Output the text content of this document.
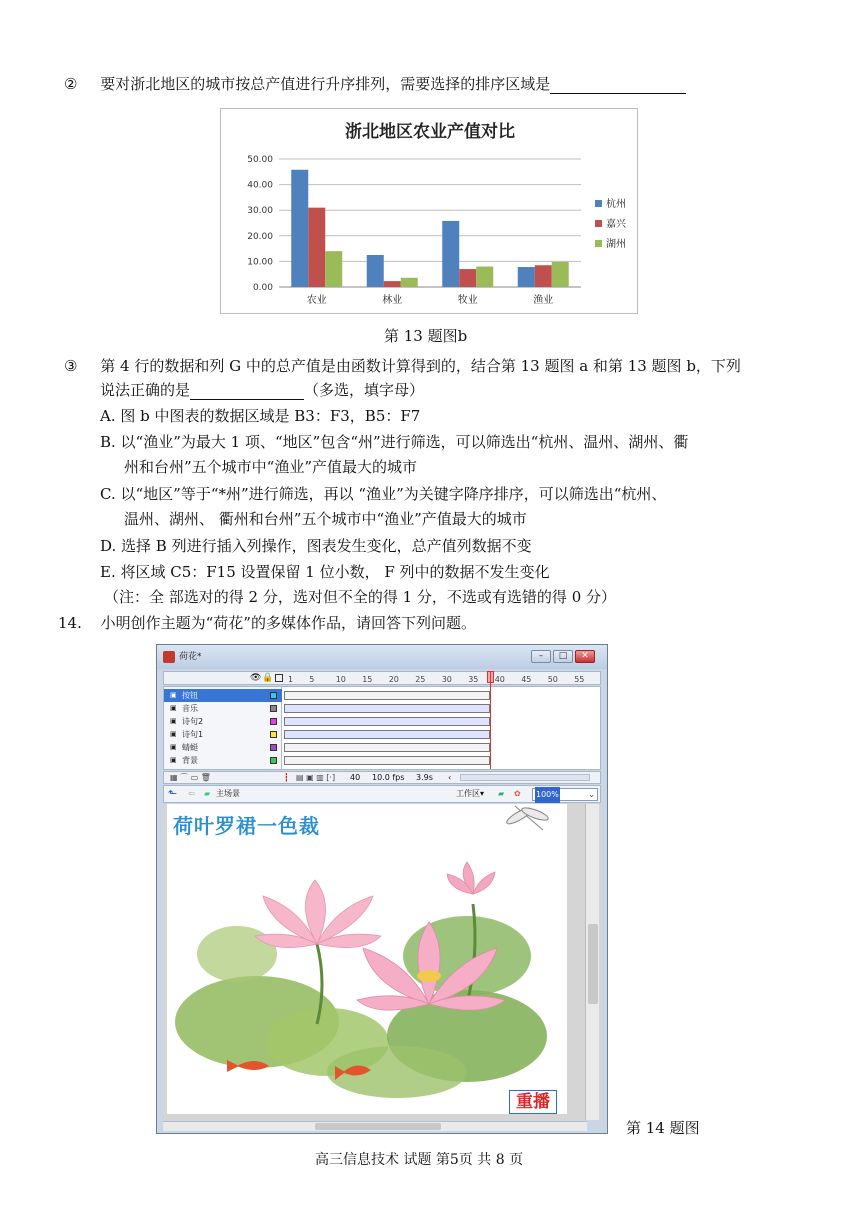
② 要对浙北地区的城市按总产值进行升序排列，需要选择的排序区域是
浙北地区农业产值对比
0.00
10.00
20.00
30.00
40.00
50.00
农业	林业	牧业	渔业
杭州
嘉兴
湖州
第 13 题图b
③ 第 4 行的数据和列 G 中的总产值是由函数计算得到的，结合第 13 题图 a 和第 13 题图 b，下列
说法正确的是	（多选，填字母）
A. 图 b 中图表的数据区域是 B3：F3，B5：F7
B. 以“渔业”为最大 1 项、“地区”包含“州”进行筛选，可以筛选出“杭州、温州、湖州、衢
州和台州”五个城市中“渔业”产值最大的城市
C. 以“地区”等于“*州”进行筛选，再以 “渔业”为关键字降序排序，可以筛选出“杭州、
温州、湖州、 衢州和台州”五个城市中“渔业”产值最大的城市
D. 选择 B 列进行插入列操作，图表发生变化，总产值列数据不变
E. 将区域 C5：F15 设置保留 1 位小数， F 列中的数据不发生变化
（注：全 部选对的得 2 分，选对但不全的得 1 分，不选或有选错的得 0 分）
14. 小明创作主题为“荷花”的多媒体作品，请回答下列问题。
荷花*	–	□	✕
👁 🔒 1 5	10 15 20 25 30 35 40 45 50 55
▣ 按钮
▣ 音乐
▣ 诗句2
▣ 诗句1
▣ 蜻蜓
▣ 背景
▦ ⌒ ▭ 🗑	┇ ▤ ▣ ▥ [·] 40 10.0 fps 3.9s ‹
⬑ ⇦ ▰ 主场景	工作区▾ ▰ ✿ 100%	⌄
荷叶罗裙一色裁
重播
第 14 题图
高三信息技术 试题 第5页 共 8 页
